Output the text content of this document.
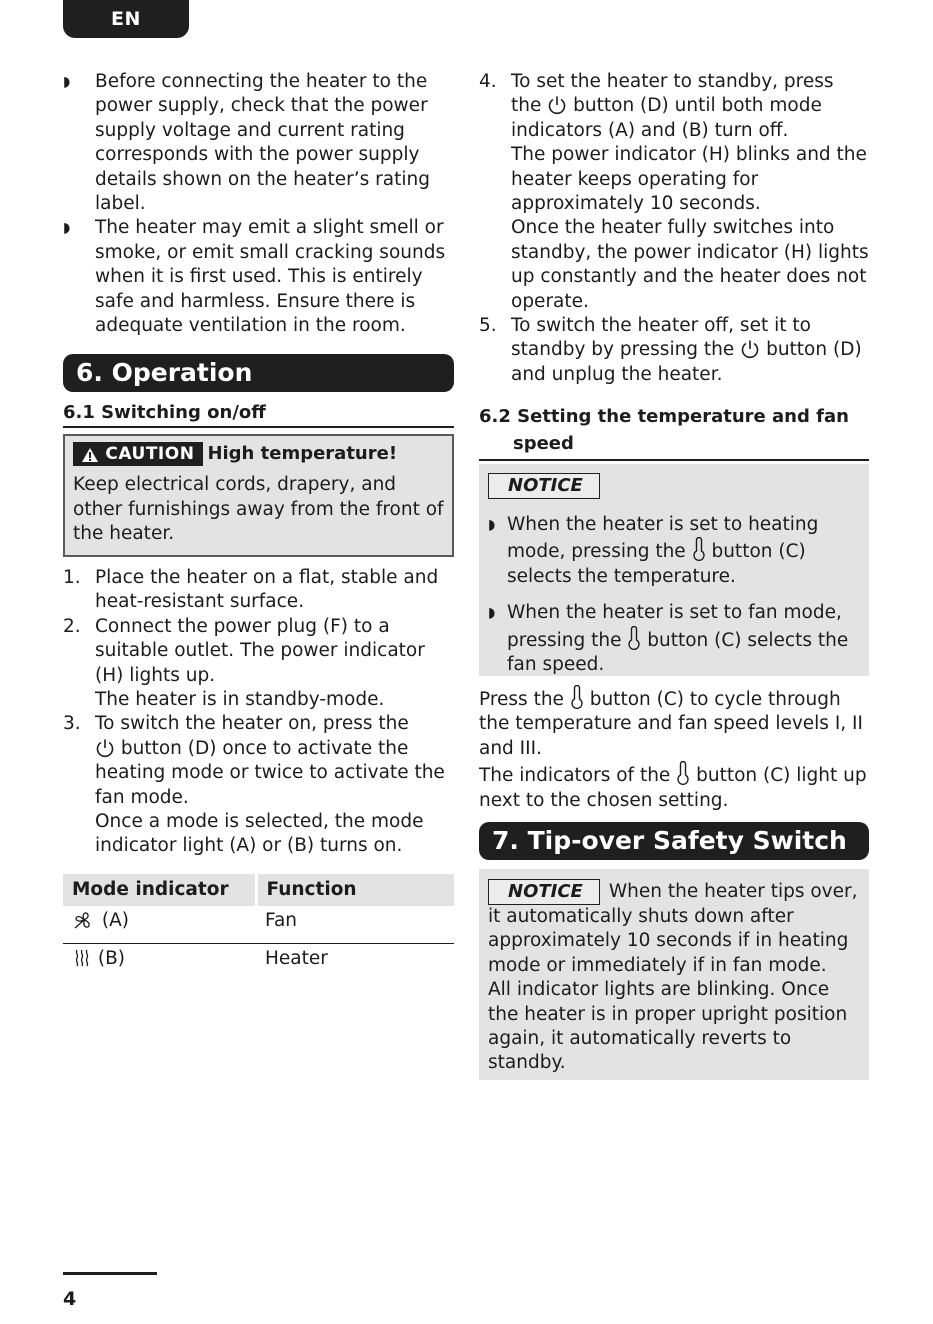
EN
◗ Before connecting the heater to the power supply, check that the power supply voltage and current rating corresponds with the power supply details shown on the heater’s rating label.
◗ The heater may emit a slight smell or smoke, or emit small cracking sounds when it is first used. This is entirely safe and harmless. Ensure there is adequate ventilation in the room.
6. Operation
6.1 Switching on/off
CAUTION High temperature!
Keep electrical cords, drapery, and other furnishings away from the front of the heater.
1. Place the heater on a flat, stable and heat-resistant surface.
2. Connect the power plug (F) to a suitable outlet. The power indicator (H) lights up.
The heater is in standby-mode.
3. To switch the heater on, press the
button (D) once to activate the heating mode or twice to activate the fan mode.
Once a mode is selected, the mode indicator light (A) or (B) turns on.
Mode indicator	Function
(A)	Fan
(B)	Heater
4. To set the heater to standby, press the button (D) until both mode indicators (A) and (B) turn off.
The power indicator (H) blinks and the heater keeps operating for approximately 10 seconds.
Once the heater fully switches into standby, the power indicator (H) lights up constantly and the heater does not operate.
5. To switch the heater off, set it to standby by pressing the button (D) and unplug the heater.
6.2 Setting the temperature and fan
speed
NOTICE
◗ When the heater is set to heating mode, pressing the button (C) selects the temperature.
◗ When the heater is set to fan mode, pressing the button (C) selects the fan speed.

Press the button (C) to cycle through the temperature and fan speed levels I, II and III.

The indicators of the button (C) light up next to the chosen setting.

7. Tip-over Safety Switch

NOTICE When the heater tips over, it automatically shuts down after approximately 10 seconds if in heating mode or immediately if in fan mode.

All indicator lights are blinking. Once the heater is in proper upright position again, it automatically reverts to standby.

4
